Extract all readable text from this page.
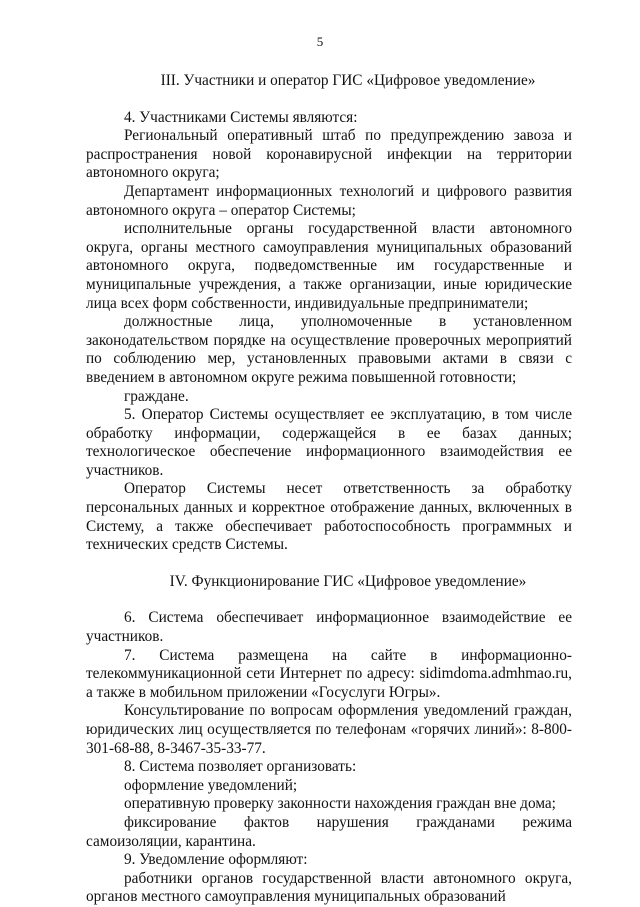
5

III. Участники и оператор ГИС «Цифровое уведомление»

4. Участниками Системы являются:

Региональный оперативный штаб по предупреждению завоза и распространения новой коронавирусной инфекции на территории автономного округа;

Департамент информационных технологий и цифрового развития автономного округа – оператор Системы;

исполнительные органы государственной власти автономного округа, органы местного самоуправления муниципальных образований автономного округа, подведомственные им государственные и муниципальные учреждения, а также организации, иные юридические лица всех форм собственности, индивидуальные предприниматели;

должностные лица, уполномоченные в установленном законодательством порядке на осуществление проверочных мероприятий по соблюдению мер, установленных правовыми актами в связи с введением в автономном округе режима повышенной готовности;

граждане.

5. Оператор Системы осуществляет ее эксплуатацию, в том числе обработку информации, содержащейся в ее базах данных; технологическое обеспечение информационного взаимодействия ее участников.

Оператор Системы несет ответственность за обработку персональных данных и корректное отображение данных, включенных в Систему, а также обеспечивает работоспособность программных и технических средств Системы.

IV. Функционирование ГИС «Цифровое уведомление»

6. Система обеспечивает информационное взаимодействие ее участников.

7. Система размещена на сайте в информационно-телекоммуникационной сети Интернет по адресу: sidimdoma.admhmao.ru, а также в мобильном приложении «Госуслуги Югры».

Консультирование по вопросам оформления уведомлений граждан, юридических лиц осуществляется по телефонам «горячих линий»: 8-800-301-68-88, 8-3467-35-33-77.

8. Система позволяет организовать:

оформление уведомлений;

оперативную проверку законности нахождения граждан вне дома;

фиксирование фактов нарушения гражданами режима самоизоляции, карантина.

9. Уведомление оформляют:

работники органов государственной власти автономного округа, органов местного самоуправления муниципальных образований
